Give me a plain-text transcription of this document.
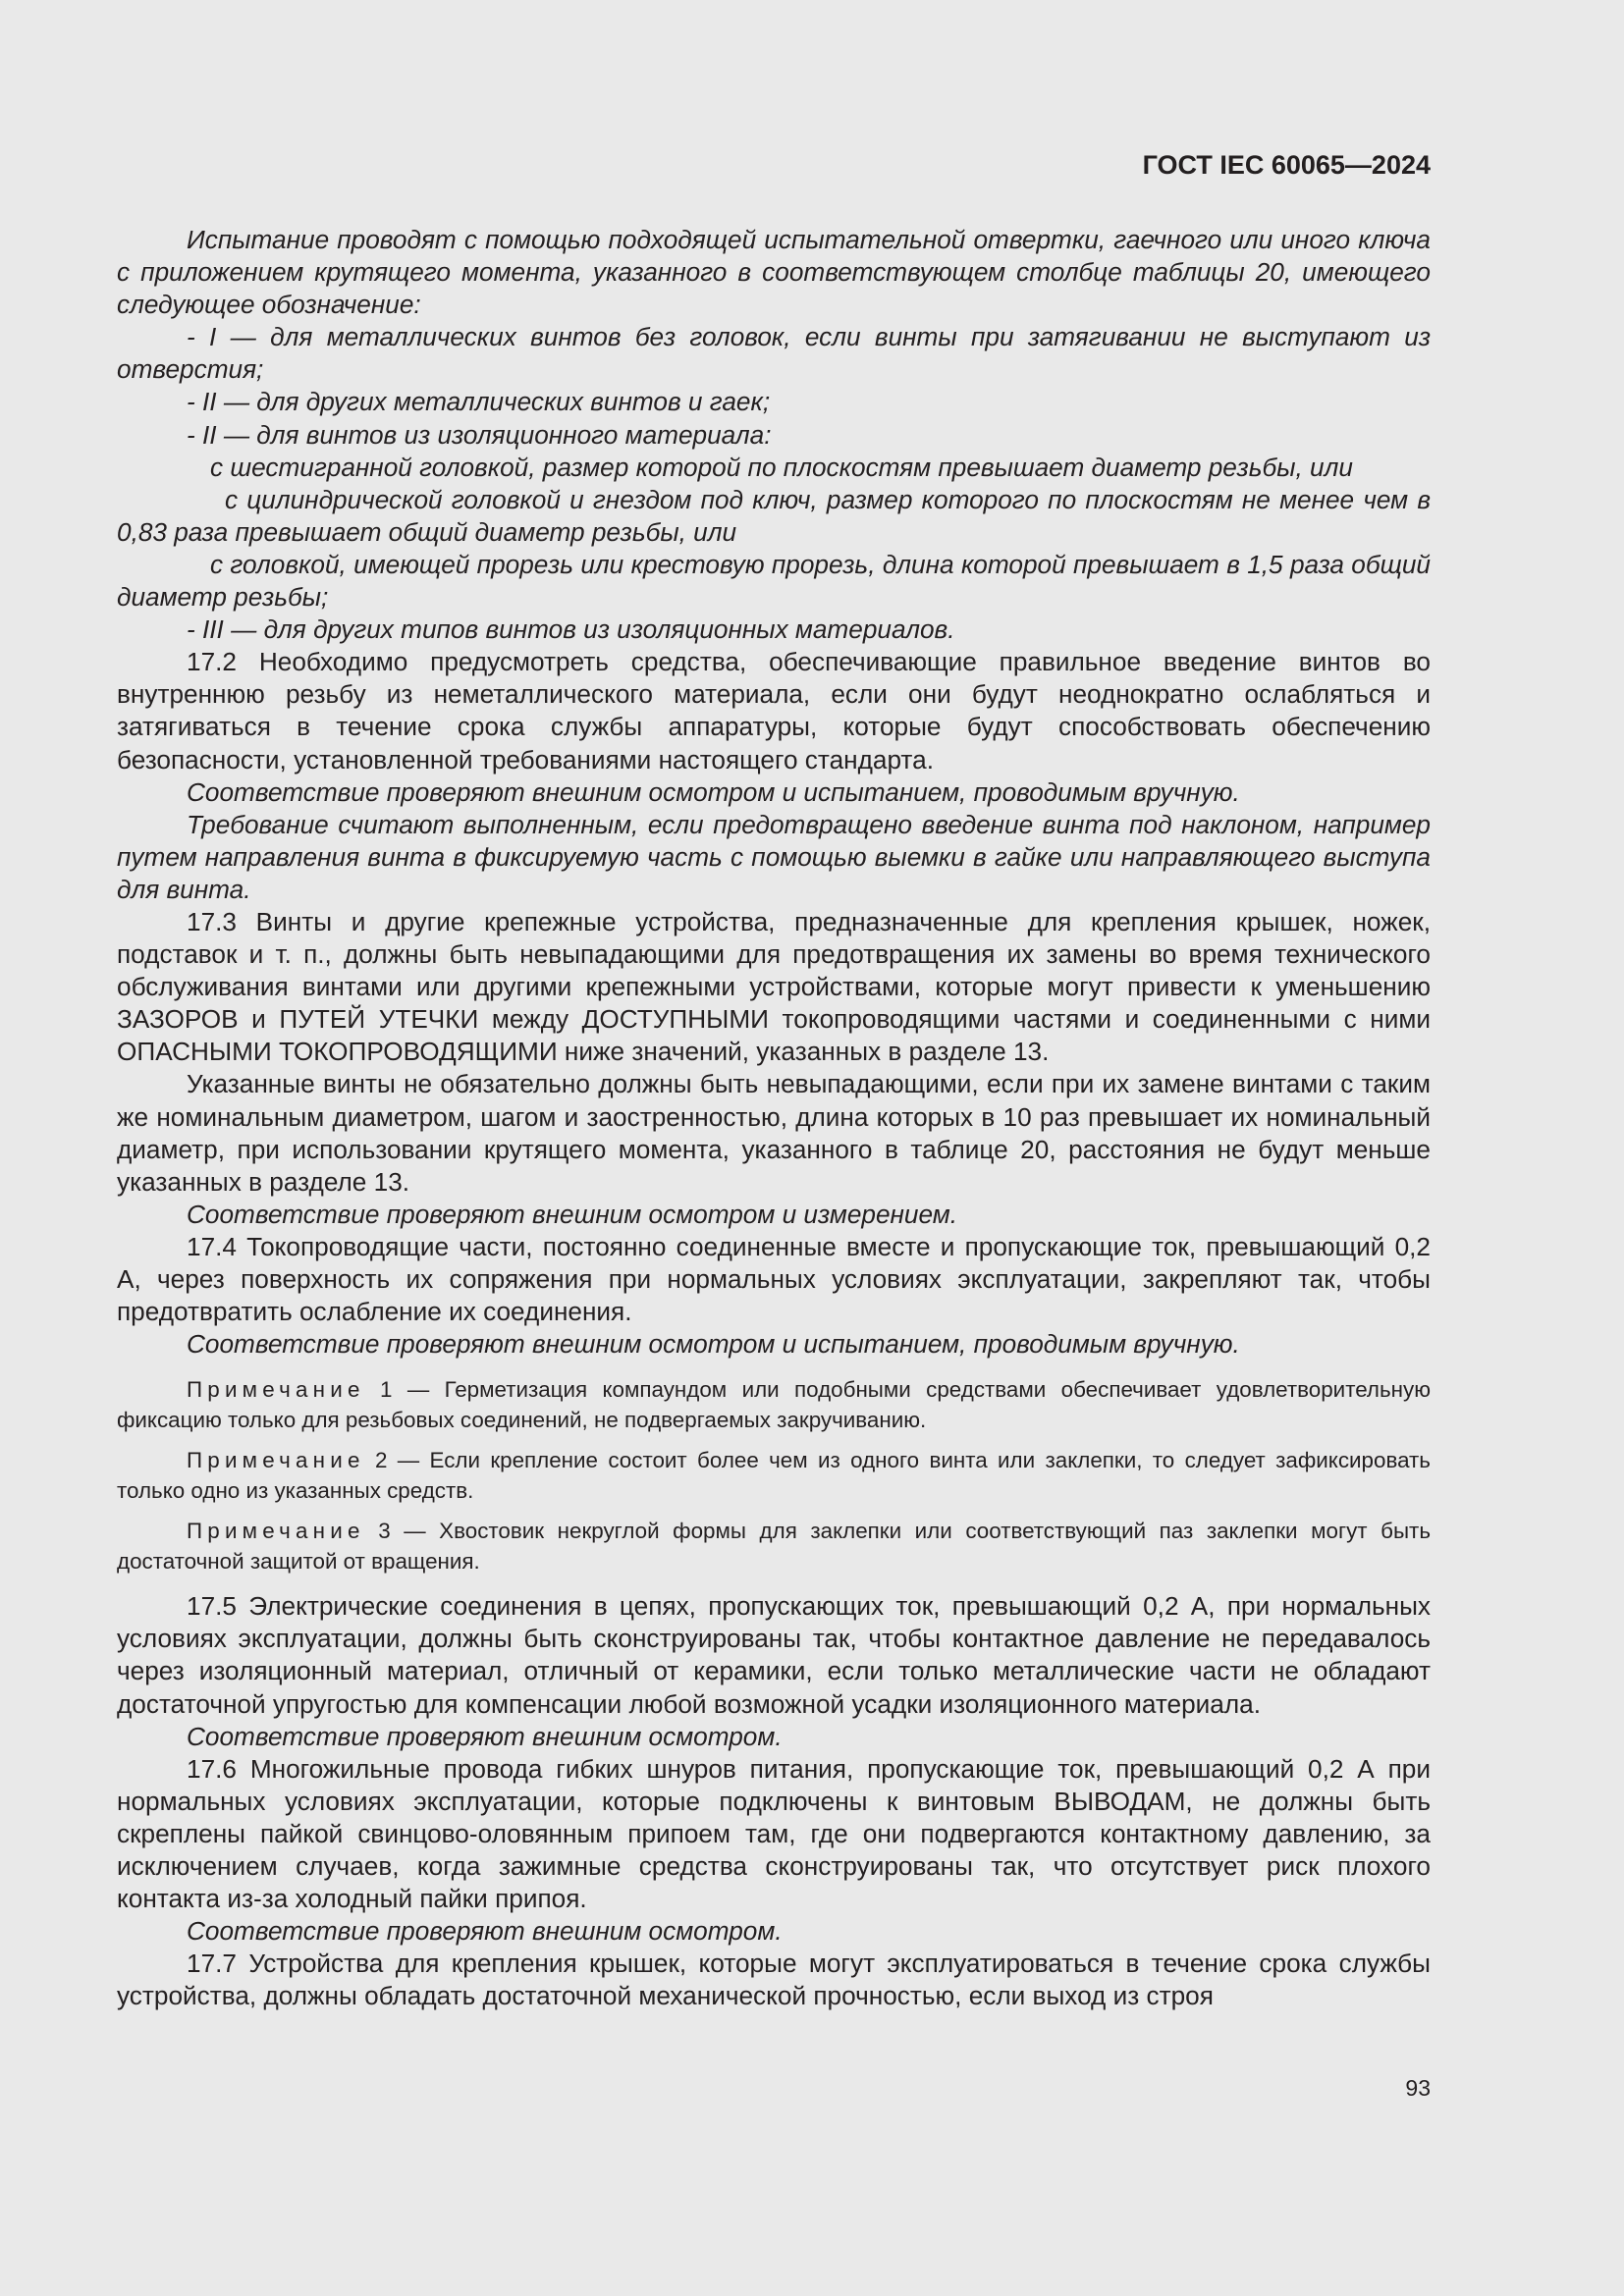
ГОСТ IEC 60065—2024

Испытание проводят с помощью подходящей испытательной отвертки, гаечного или иного ключа с приложением крутящего момента, указанного в соответствующем столбце таблицы 20, имеющего следующее обозначение:

- I — для металлических винтов без головок, если винты при затягивании не выступают из отверстия;

- II — для других металлических винтов и гаек;

- II — для винтов из изоляционного материала:

с шестигранной головкой, размер которой по плоскостям превышает диаметр резьбы, или

с цилиндрической головкой и гнездом под ключ, размер которого по плоскостям не менее чем в 0,83 раза превышает общий диаметр резьбы, или

с головкой, имеющей прорезь или крестовую прорезь, длина которой превышает в 1,5 раза общий диаметр резьбы;

- III — для других типов винтов из изоляционных материалов.

17.2 Необходимо предусмотреть средства, обеспечивающие правильное введение винтов во внутреннюю резьбу из неметаллического материала, если они будут неоднократно ослабляться и затягиваться в течение срока службы аппаратуры, которые будут способствовать обеспечению безопасности, установленной требованиями настоящего стандарта.

Соответствие проверяют внешним осмотром и испытанием, проводимым вручную.

Требование считают выполненным, если предотвращено введение винта под наклоном, например путем направления винта в фиксируемую часть с помощью выемки в гайке или направляющего выступа для винта.

17.3 Винты и другие крепежные устройства, предназначенные для крепления крышек, ножек, подставок и т. п., должны быть невыпадающими для предотвращения их замены во время технического обслуживания винтами или другими крепежными устройствами, которые могут привести к уменьшению ЗАЗОРОВ и ПУТЕЙ УТЕЧКИ между ДОСТУПНЫМИ токопроводящими частями и соединенными с ними ОПАСНЫМИ ТОКОПРОВОДЯЩИМИ ниже значений, указанных в разделе 13.

Указанные винты не обязательно должны быть невыпадающими, если при их замене винтами с таким же номинальным диаметром, шагом и заостренностью, длина которых в 10 раз превышает их номинальный диаметр, при использовании крутящего момента, указанного в таблице 20, расстояния не будут меньше указанных в разделе 13.

Соответствие проверяют внешним осмотром и измерением.

17.4 Токопроводящие части, постоянно соединенные вместе и пропускающие ток, превышающий 0,2 А, через поверхность их сопряжения при нормальных условиях эксплуатации, закрепляют так, чтобы предотвратить ослабление их соединения.

Соответствие проверяют внешним осмотром и испытанием, проводимым вручную.

Примечание 1 — Герметизация компаундом или подобными средствами обеспечивает удовлетворительную фиксацию только для резьбовых соединений, не подвергаемых закручиванию.

Примечание 2 — Если крепление состоит более чем из одного винта или заклепки, то следует зафиксировать только одно из указанных средств.

Примечание 3 — Хвостовик некруглой формы для заклепки или соответствующий паз заклепки могут быть достаточной защитой от вращения.

17.5 Электрические соединения в цепях, пропускающих ток, превышающий 0,2 А, при нормальных условиях эксплуатации, должны быть сконструированы так, чтобы контактное давление не передавалось через изоляционный материал, отличный от керамики, если только металлические части не обладают достаточной упругостью для компенсации любой возможной усадки изоляционного материала.

Соответствие проверяют внешним осмотром.

17.6 Многожильные провода гибких шнуров питания, пропускающие ток, превышающий 0,2 А при нормальных условиях эксплуатации, которые подключены к винтовым ВЫВОДАМ, не должны быть скреплены пайкой свинцово-оловянным припоем там, где они подвергаются контактному давлению, за исключением случаев, когда зажимные средства сконструированы так, что отсутствует риск плохого контакта из-за холодный пайки припоя.

Соответствие проверяют внешним осмотром.

17.7 Устройства для крепления крышек, которые могут эксплуатироваться в течение срока службы устройства, должны обладать достаточной механической прочностью, если выход из строя

93
